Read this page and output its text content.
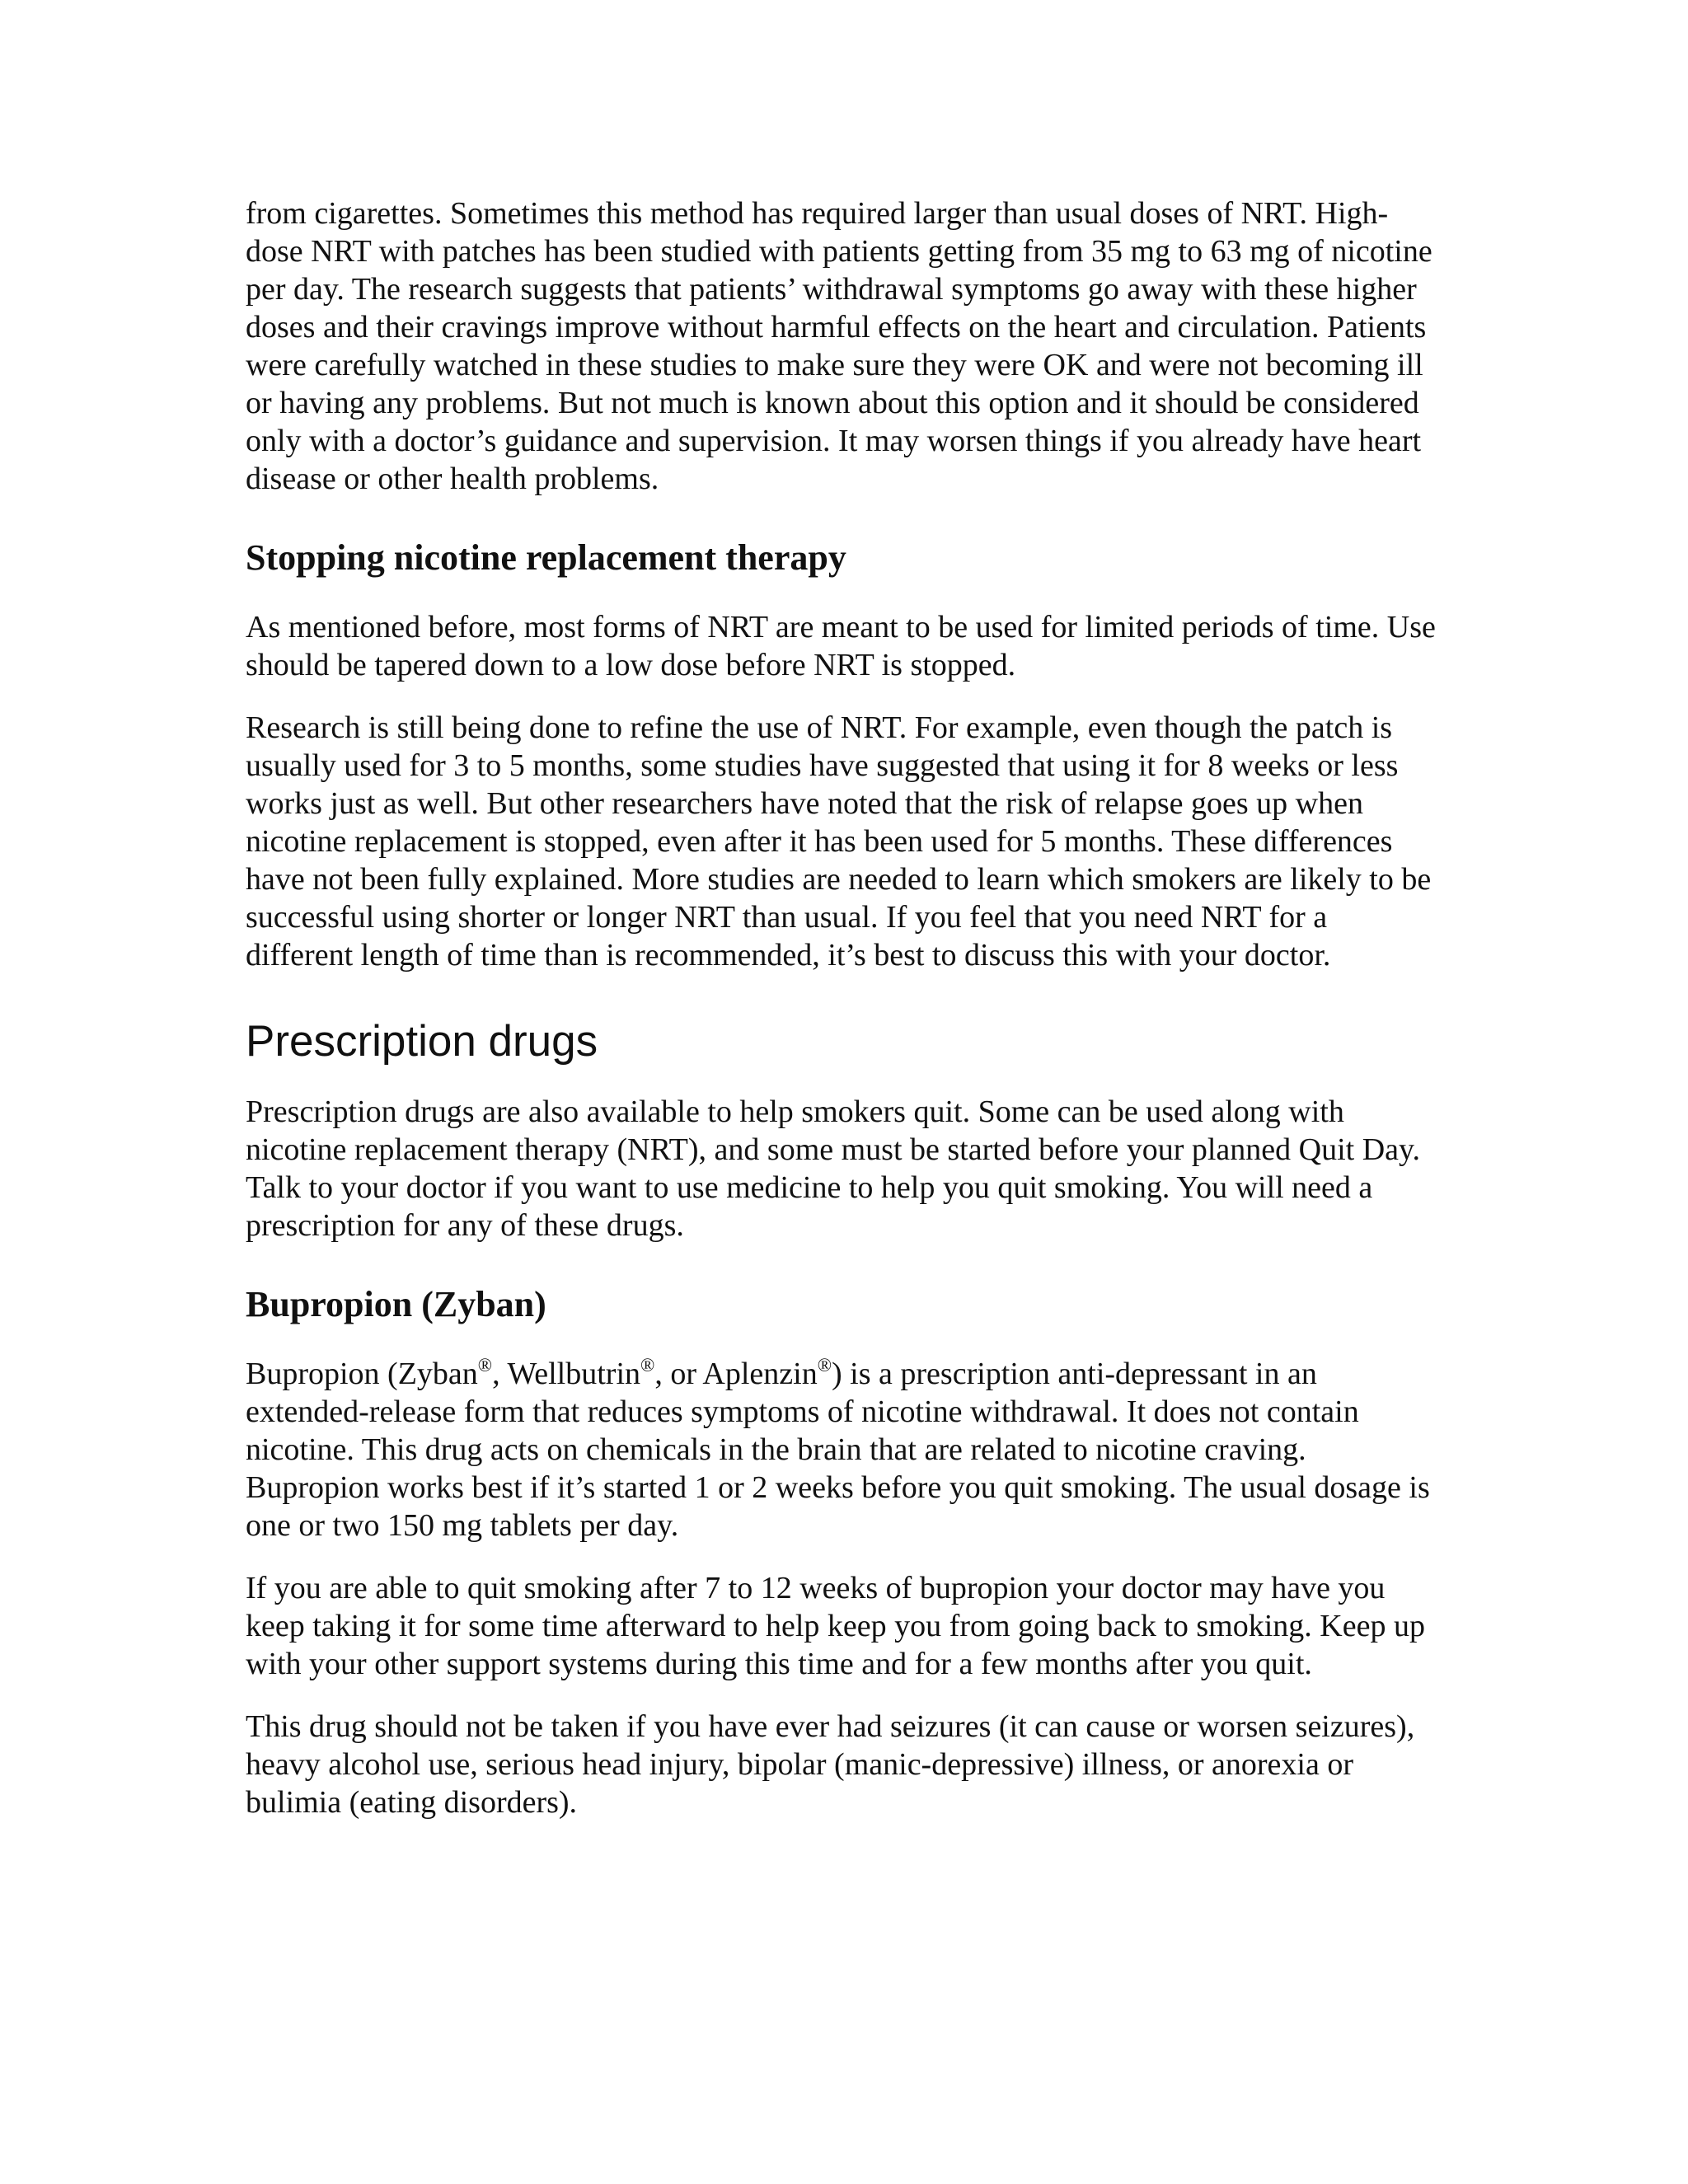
from cigarettes. Sometimes this method has required larger than usual doses of NRT. High-dose NRT with patches has been studied with patients getting from 35 mg to 63 mg of nicotine per day. The research suggests that patients’ withdrawal symptoms go away with these higher doses and their cravings improve without harmful effects on the heart and circulation. Patients were carefully watched in these studies to make sure they were OK and were not becoming ill or having any problems. But not much is known about this option and it should be considered only with a doctor’s guidance and supervision. It may worsen things if you already have heart disease or other health problems.

Stopping nicotine replacement therapy

As mentioned before, most forms of NRT are meant to be used for limited periods of time. Use should be tapered down to a low dose before NRT is stopped.

Research is still being done to refine the use of NRT. For example, even though the patch is usually used for 3 to 5 months, some studies have suggested that using it for 8 weeks or less works just as well. But other researchers have noted that the risk of relapse goes up when nicotine replacement is stopped, even after it has been used for 5 months. These differences have not been fully explained. More studies are needed to learn which smokers are likely to be successful using shorter or longer NRT than usual. If you feel that you need NRT for a different length of time than is recommended, it’s best to discuss this with your doctor.

Prescription drugs

Prescription drugs are also available to help smokers quit. Some can be used along with nicotine replacement therapy (NRT), and some must be started before your planned Quit Day. Talk to your doctor if you want to use medicine to help you quit smoking. You will need a prescription for any of these drugs.

Bupropion (Zyban)

Bupropion (Zyban®, Wellbutrin®, or Aplenzin®) is a prescription anti-depressant in an extended-release form that reduces symptoms of nicotine withdrawal. It does not contain nicotine. This drug acts on chemicals in the brain that are related to nicotine craving. Bupropion works best if it’s started 1 or 2 weeks before you quit smoking. The usual dosage is one or two 150 mg tablets per day.

If you are able to quit smoking after 7 to 12 weeks of bupropion your doctor may have you keep taking it for some time afterward to help keep you from going back to smoking. Keep up with your other support systems during this time and for a few months after you quit.

This drug should not be taken if you have ever had seizures (it can cause or worsen seizures), heavy alcohol use, serious head injury, bipolar (manic-depressive) illness, or anorexia or bulimia (eating disorders).
